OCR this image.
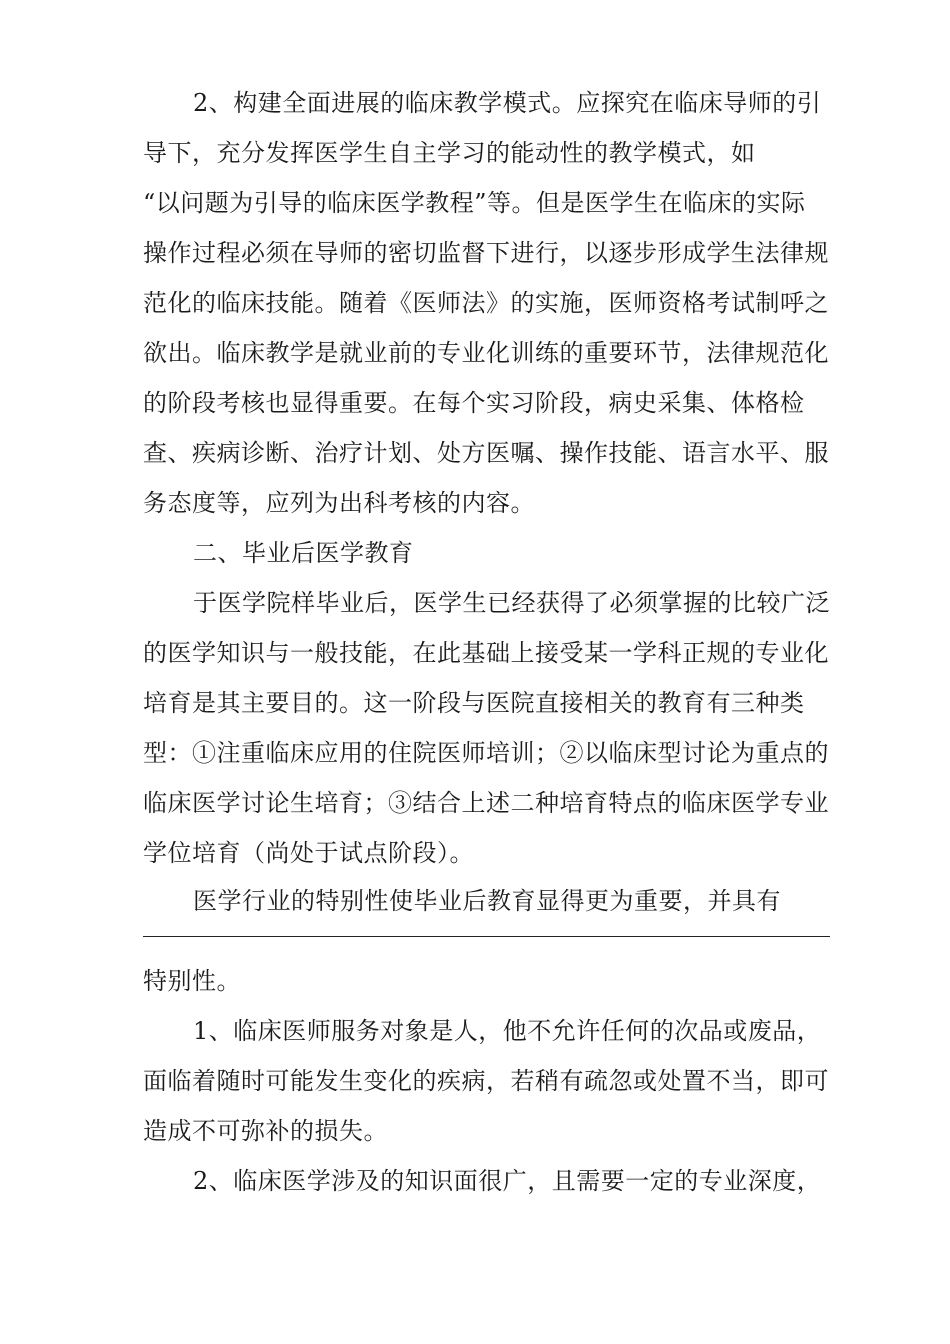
2、构建全面进展的临床教学模式。应探究在临床导师的引
导下，充分发挥医学生自主学习的能动性的教学模式，如
“以问题为引导的临床医学教程”等。但是医学生在临床的实际
操作过程必须在导师的密切监督下进行，以逐步形成学生法律规
范化的临床技能。随着《医师法》的实施，医师资格考试制呼之
欲出。临床教学是就业前的专业化训练的重要环节，法律规范化
的阶段考核也显得重要。在每个实习阶段，病史采集、体格检
查、疾病诊断、治疗计划、处方医嘱、操作技能、语言水平、服
务态度等，应列为出科考核的内容。
二、毕业后医学教育
于医学院样毕业后，医学生已经获得了必须掌握的比较广泛
的医学知识与一般技能，在此基础上接受某一学科正规的专业化
培育是其主要目的。这一阶段与医院直接相关的教育有三种类
型：①注重临床应用的住院医师培训；②以临床型讨论为重点的
临床医学讨论生培育；③结合上述二种培育特点的临床医学专业
学位培育（尚处于试点阶段）。
医学行业的特别性使毕业后教育显得更为重要，并具有
特别性。
1、临床医师服务对象是人，他不允许任何的次品或废品，
面临着随时可能发生变化的疾病，若稍有疏忽或处置不当，即可
造成不可弥补的损失。
2、临床医学涉及的知识面很广，且需要一定的专业深度，
